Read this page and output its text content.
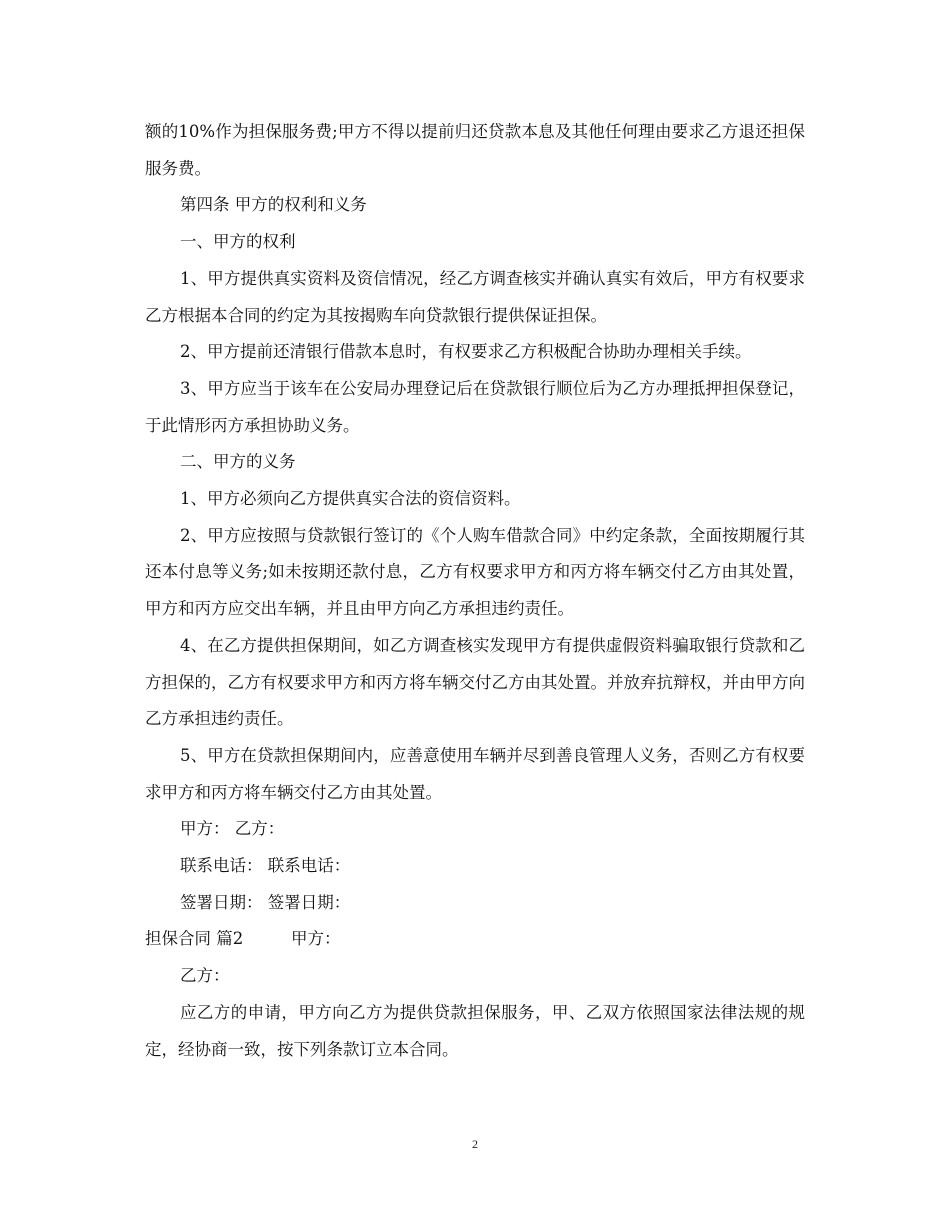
额的10%作为担保服务费;甲方不得以提前归还贷款本息及其他任何理由要求乙方退还担保服务费。

第四条 甲方的权利和义务

一、甲方的权利

1、甲方提供真实资料及资信情况，经乙方调查核实并确认真实有效后，甲方有权要求乙方根据本合同的约定为其按揭购车向贷款银行提供保证担保。

2、甲方提前还清银行借款本息时，有权要求乙方积极配合协助办理相关手续。

3、甲方应当于该车在公安局办理登记后在贷款银行顺位后为乙方办理抵押担保登记，于此情形丙方承担协助义务。

二、甲方的义务

1、甲方必须向乙方提供真实合法的资信资料。

2、甲方应按照与贷款银行签订的《个人购车借款合同》中约定条款，全面按期履行其还本付息等义务;如未按期还款付息，乙方有权要求甲方和丙方将车辆交付乙方由其处置，甲方和丙方应交出车辆，并且由甲方向乙方承担违约责任。

4、在乙方提供担保期间，如乙方调查核实发现甲方有提供虚假资料骗取银行贷款和乙方担保的，乙方有权要求甲方和丙方将车辆交付乙方由其处置。并放弃抗辩权，并由甲方向乙方承担违约责任。

5、甲方在贷款担保期间内，应善意使用车辆并尽到善良管理人义务，否则乙方有权要求甲方和丙方将车辆交付乙方由其处置。

甲方： 乙方：

联系电话： 联系电话：

签署日期： 签署日期：

担保合同 篇2	甲方：

乙方：

应乙方的申请，甲方向乙方为提供贷款担保服务，甲、乙双方依照国家法律法规的规定，经协商一致，按下列条款订立本合同。

2
